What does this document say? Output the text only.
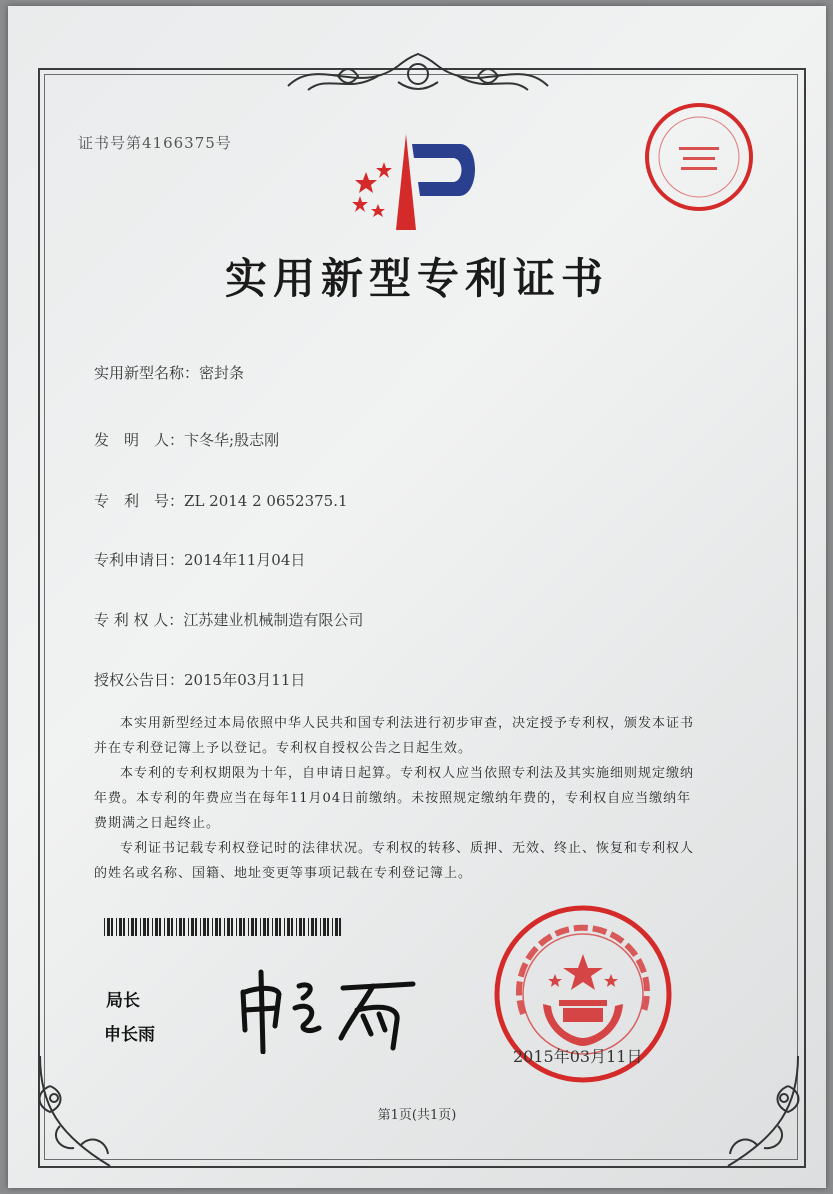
证书号第4166375号
实用新型专利证书
实用新型名称：密封条
发　明　人：卞冬华;殷志刚
专　利　号：ZL 2014 2 0652375.1
专利申请日：2014年11月04日
专 利 权 人：江苏建业机械制造有限公司
授权公告日：2015年03月11日
本实用新型经过本局依照中华人民共和国专利法进行初步审查，决定授予专利权，颁发本证书并在专利登记簿上予以登记。专利权自授权公告之日起生效。
本专利的专利权期限为十年，自申请日起算。专利权人应当依照专利法及其实施细则规定缴纳年费。本专利的年费应当在每年11月04日前缴纳。未按照规定缴纳年费的，专利权自应当缴纳年费期满之日起终止。
专利证书记载专利权登记时的法律状况。专利权的转移、质押、无效、终止、恢复和专利权人的姓名或名称、国籍、地址变更等事项记载在专利登记簿上。
局长
申长雨
2015年03月11日
第1页(共1页)
